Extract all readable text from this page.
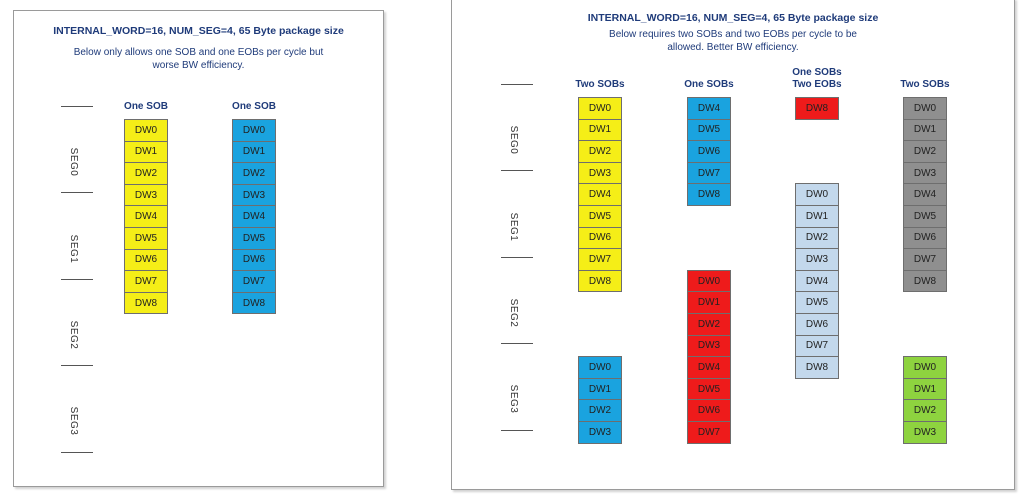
INTERNAL_WORD=16, NUM_SEG=4, 65 Byte package size
Below only allows one SOB and one EOBs per cycle but
worse BW efficiency.
SEG0
SEG1
SEG2
SEG3
One SOB
DW0
DW1
DW2
DW3
DW4
DW5
DW6
DW7
DW8
One SOB
DW0
DW1
DW2
DW3
DW4
DW5
DW6
DW7
DW8
INTERNAL_WORD=16, NUM_SEG=4, 65 Byte package size
Below requires two SOBs and two EOBs per cycle to be
allowed. Better BW efficiency.
SEG0
SEG1
SEG2
SEG3
Two SOBs
DW0
DW1
DW2
DW3
DW4
DW5
DW6
DW7
DW8
DW0
DW1
DW2
DW3
One SOBs
DW4
DW5
DW6
DW7
DW8
DW0
DW1
DW2
DW3
DW4
DW5
DW6
DW7
One SOBs
Two EOBs
DW8
DW0
DW1
DW2
DW3
DW4
DW5
DW6
DW7
DW8
Two SOBs
DW0
DW1
DW2
DW3
DW4
DW5
DW6
DW7
DW8
DW0
DW1
DW2
DW3
